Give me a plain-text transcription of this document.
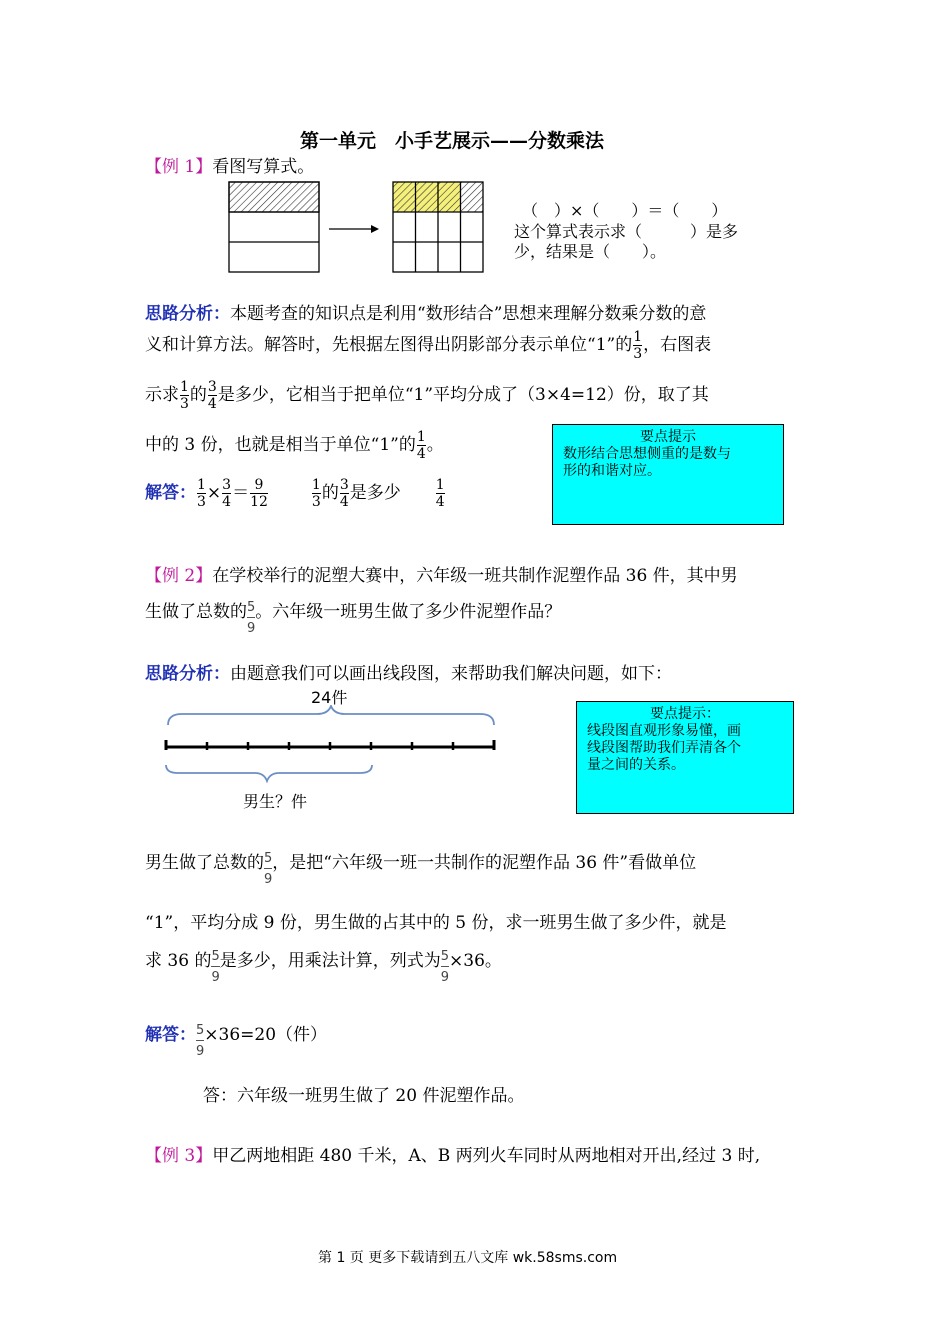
第一单元　小手艺展示——分数乘法
【例 1】看图写算式。
（　）×（　　）＝（　　）
这个算式表示求（　　　）是多
少，结果是（　　）。
思路分析：本题考查的知识点是利用“数形结合”思想来理解分数乘分数的意
义和计算方法。解答时，先根据左图得出阴影部分表示单位“1”的 $\frac{1}{3}$ ，右图表
示求 $\frac{1}{3}$ 的 $\frac{3}{4}$ 是多少，它相当于把单位“1”平均分成了（3×4=12）份，取了其
中的 3 份，也就是相当于单位“1”的 $\frac{1}{4}$ 。
解答： $\frac{1}{3} \times \frac{3}{4} = \frac{9}{12}$	$\frac{1}{3}$ 的 $\frac{3}{4}$ 是多少	$\frac{1}{4}$
要点提示
数形结合思想侧重的是数与
形的和谐对应。
【例 2】在学校举行的泥塑大赛中，六年级一班共制作泥塑作品 36 件，其中男
生做了总数的 $\frac{5}{9}$ 。六年级一班男生做了多少件泥塑作品？
思路分析：由题意我们可以画出线段图，来帮助我们解决问题，如下：
24件
男生？件
要点提示：
线段图直观形象易懂，画
线段图帮助我们弄清各个
量之间的关系。
男生做了总数的 $\frac{5}{9}$ ，是把“六年级一班一共制作的泥塑作品 36 件”看做单位
“1”，平均分成 9 份，男生做的占其中的 5 份，求一班男生做了多少件，就是
求 36 的 $\frac{5}{9}$ 是多少，用乘法计算，列式为 $\frac{5}{9} \times 36$。
解答： $\frac{5}{9} \times 36=20$（件）
答：六年级一班男生做了 20 件泥塑作品。
【例 3】甲乙两地相距 480 千米，A、B 两列火车同时从两地相对开出,经过 3 时,
第 1 页 更多下载请到五八文库 wk.58sms.com
